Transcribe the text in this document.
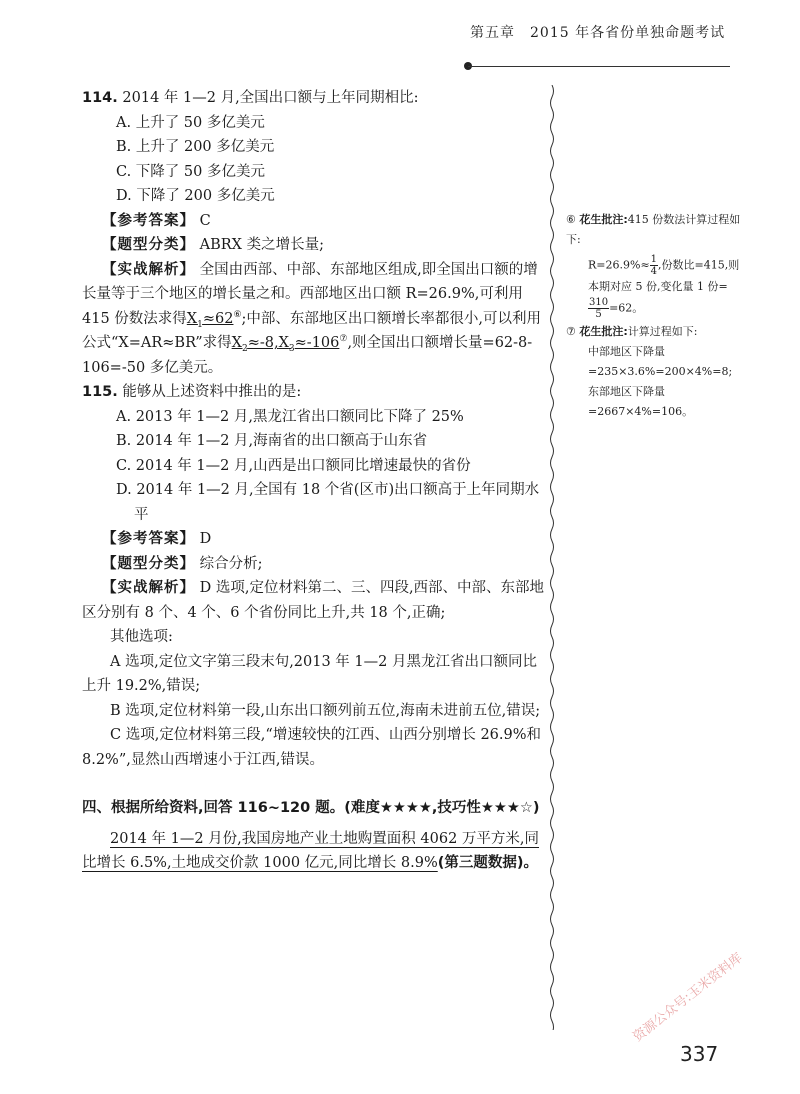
第五章　2015 年各省份单独命题考试

114. 2014 年 1—2 月,全国出口额与上年同期相比:

A. 上升了 50 多亿美元
B. 上升了 200 多亿美元
C. 下降了 50 多亿美元
D. 下降了 200 多亿美元

【参考答案】 C

【题型分类】 ABRX 类之增长量;

【实战解析】 全国由西部、中部、东部地区组成,即全国出口额的增长量等于三个地区的增长量之和。西部地区出口额 R=26.9%,可利用 415 份数法求得$X_1\approx 62^⑥$;中部、东部地区出口额增长率都很小,可以利用公式“X=AR≈BR”求得$X_2\approx-8,X_3\approx-106^⑦$,则全国出口额增长量=62-8-106=-50 多亿美元。

115. 能够从上述资料中推出的是:

A. 2013 年 1—2 月,黑龙江省出口额同比下降了 25%

B. 2014 年 1—2 月,海南省的出口额高于山东省

C. 2014 年 1—2 月,山西是出口额同比增速最快的省份

D. 2014 年 1—2 月,全国有 18 个省(区市)出口额高于上年同期水平

【参考答案】 D

【题型分类】 综合分析;

【实战解析】 D 选项,定位材料第二、三、四段,西部、中部、东部地区分别有 8 个、4 个、6 个省份同比上升,共 18 个,正确;

其他选项:

A 选项,定位文字第三段末句,2013 年 1—2 月黑龙江省出口额同比上升 19.2%,错误;

B 选项,定位材料第一段,山东出口额列前五位,海南未进前五位,错误;

C 选项,定位材料第三段,“增速较快的江西、山西分别增长 26.9%和 8.2%”,显然山西增速小于江西,错误。

四、根据所给资料,回答 116~120 题。(难度★★★★,技巧性★★★☆)

2014 年 1—2 月份,我国房地产业土地购置面积 4062 万平方米,同比增长 6.5%,土地成交价款 1000 亿元,同比增长 8.9%(第三题数据)。

⑥ 花生批注:415 份数法计算过程如下:

$R=26.9\%\approx \frac{1}{4}$ ,份数比=415,则本期对应 5 份,变化量 1 份=
$\frac{310}{5} =62$。

⑦ 花生批注:计算过程如下:

中部地区下降量=235×3.6%=200×4%=8;

东部地区下降量=2667×4%=106。

337
资源公众号:玉米资料库
